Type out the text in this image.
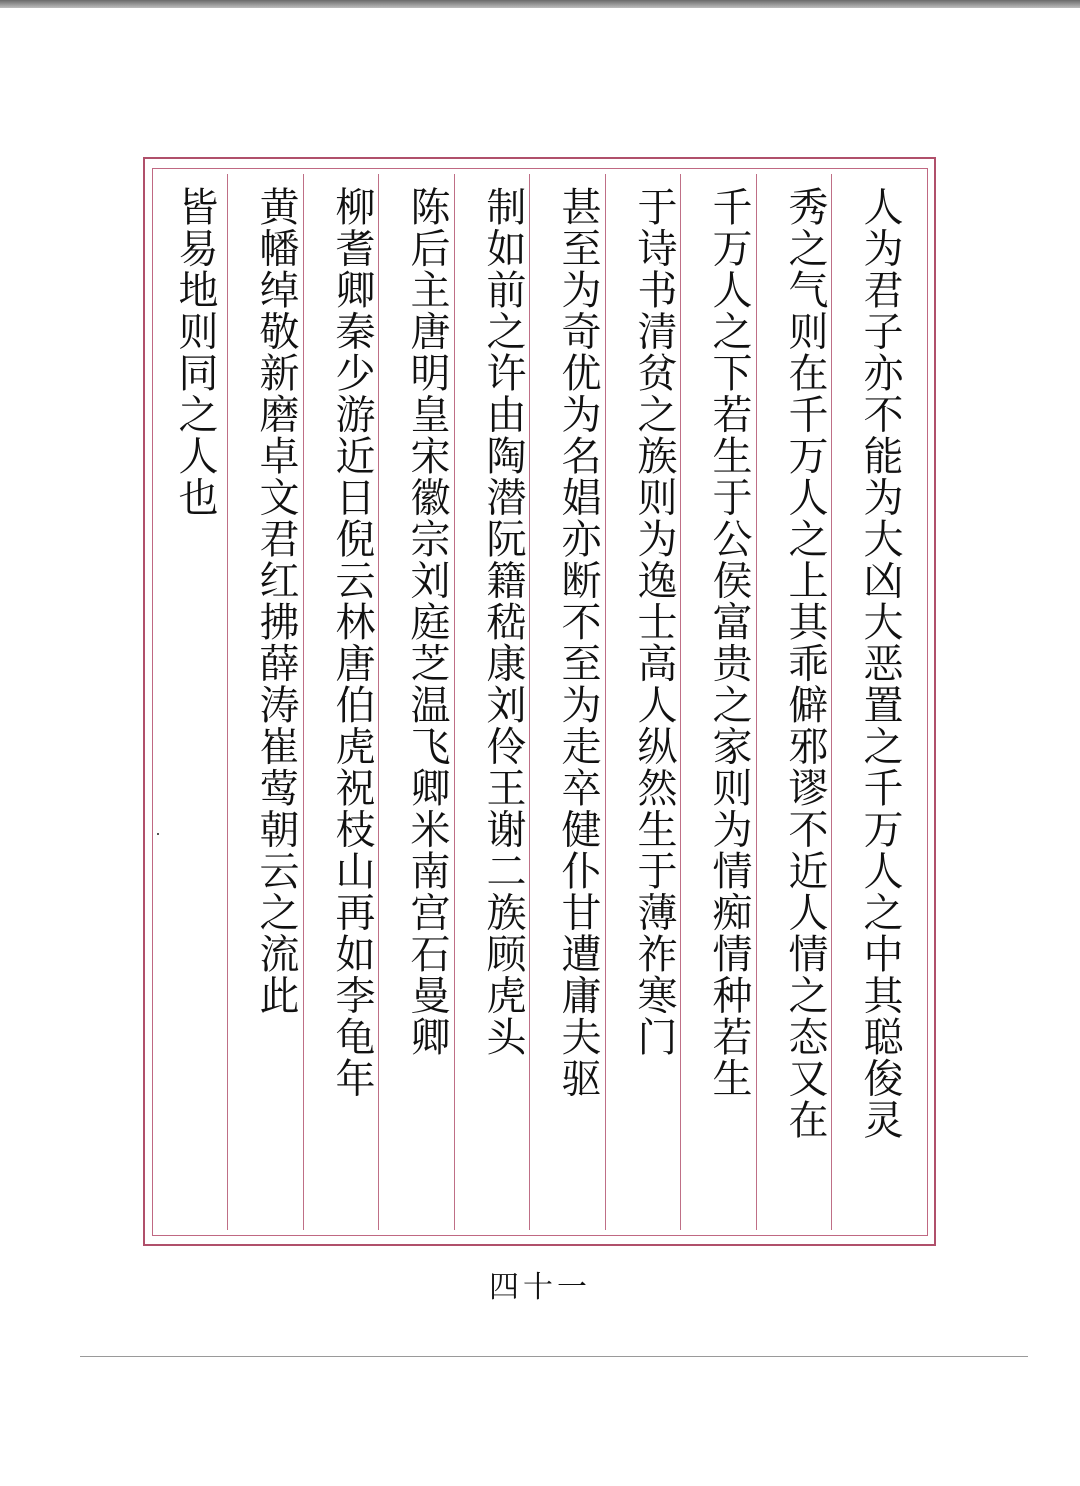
人为君子亦不能为大凶大恶置之千万人之中其聪俊灵
秀之气则在千万人之上其乖僻邪谬不近人情之态又在
千万人之下若生于公侯富贵之家则为情痴情种若生
于诗书清贫之族则为逸士高人纵然生于薄祚寒门
甚至为奇优为名娼亦断不至为走卒健仆甘遭庸夫驱
制如前之许由陶潜阮籍嵇康刘伶王谢二族顾虎头
陈后主唐明皇宋徽宗刘庭芝温飞卿米南宫石曼卿
柳耆卿秦少游近日倪云林唐伯虎祝枝山再如李龟年
黄幡绰敬新磨卓文君红拂薛涛崔莺朝云之流此
皆易地则同之人也
四十一
